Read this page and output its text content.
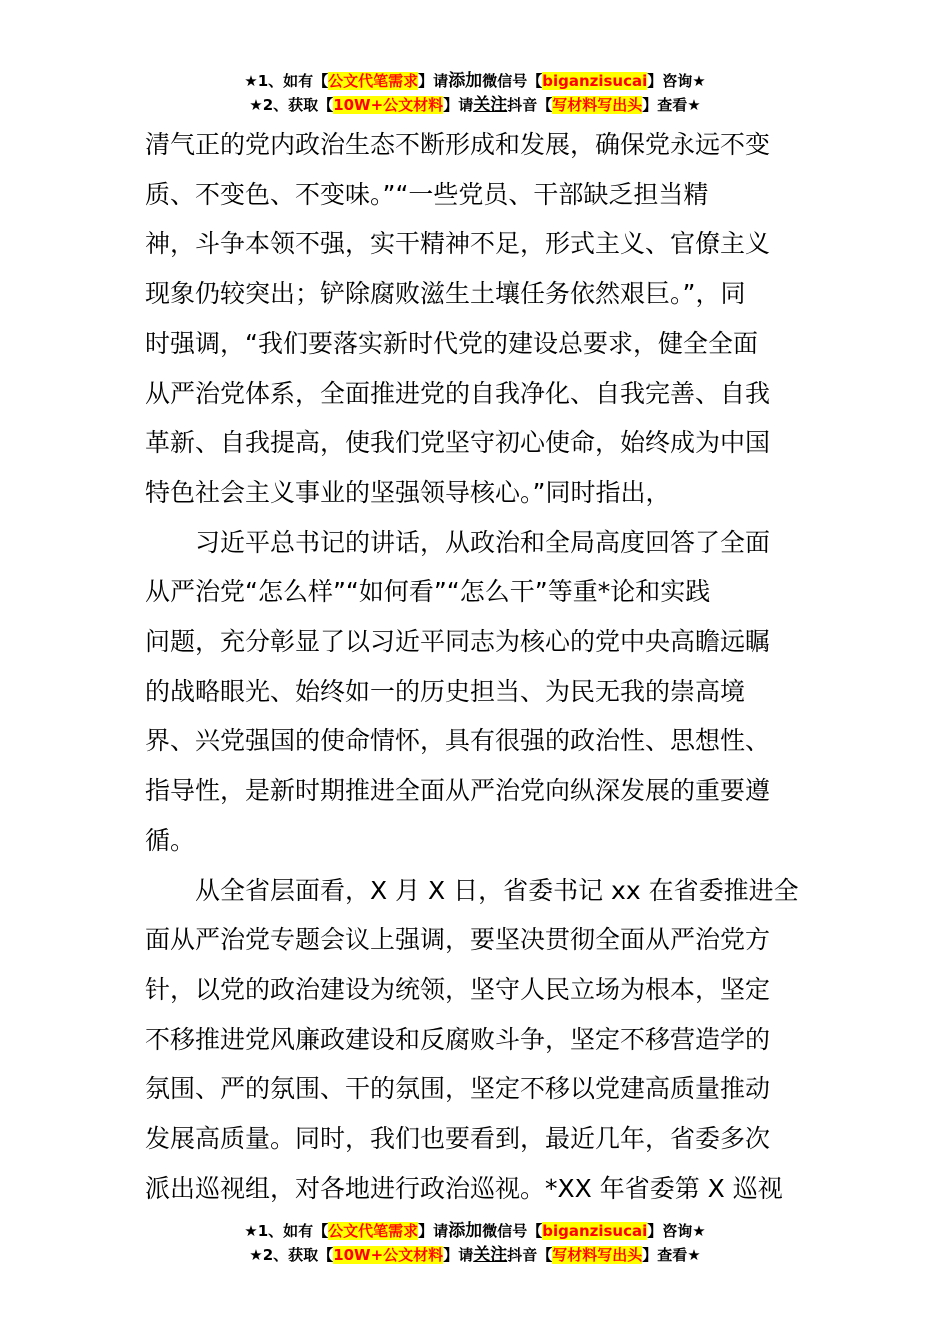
★1、如有【公文代笔需求】请添加微信号【biganzisucai】咨询★
★2、获取【10W+公文材料】请关注抖音【写材料写出头】查看★

清气正的党内政治生态不断形成和发展，确保党永远不变
质、不变色、不变味。”“一些党员、干部缺乏担当精
神，斗争本领不强，实干精神不足，形式主义、官僚主义
现象仍较突出；铲除腐败滋生土壤任务依然艰巨。”，同
时强调，“我们要落实新时代党的建设总要求，健全全面
从严治党体系，全面推进党的自我净化、自我完善、自我
革新、自我提高，使我们党坚守初心使命，始终成为中国
特色社会主义事业的坚强领导核心。”同时指出，

习近平总书记的讲话，从政治和全局高度回答了全面
从严治党“怎么样”“如何看”“怎么干”等重*论和实践
问题，充分彰显了以习近平同志为核心的党中央高瞻远瞩
的战略眼光、始终如一的历史担当、为民无我的崇高境
界、兴党强国的使命情怀，具有很强的政治性、思想性、
指导性，是新时期推进全面从严治党向纵深发展的重要遵
循。

从全省层面看，X 月 X 日，省委书记 xx 在省委推进全
面从严治党专题会议上强调，要坚决贯彻全面从严治党方
针，以党的政治建设为统领，坚守人民立场为根本，坚定
不移推进党风廉政建设和反腐败斗争，坚定不移营造学的
氛围、严的氛围、干的氛围，坚定不移以党建高质量推动
发展高质量。同时，我们也要看到，最近几年，省委多次
派出巡视组，对各地进行政治巡视。*XX 年省委第 X 巡视

★1、如有【公文代笔需求】请添加微信号【biganzisucai】咨询★
★2、获取【10W+公文材料】请关注抖音【写材料写出头】查看★
